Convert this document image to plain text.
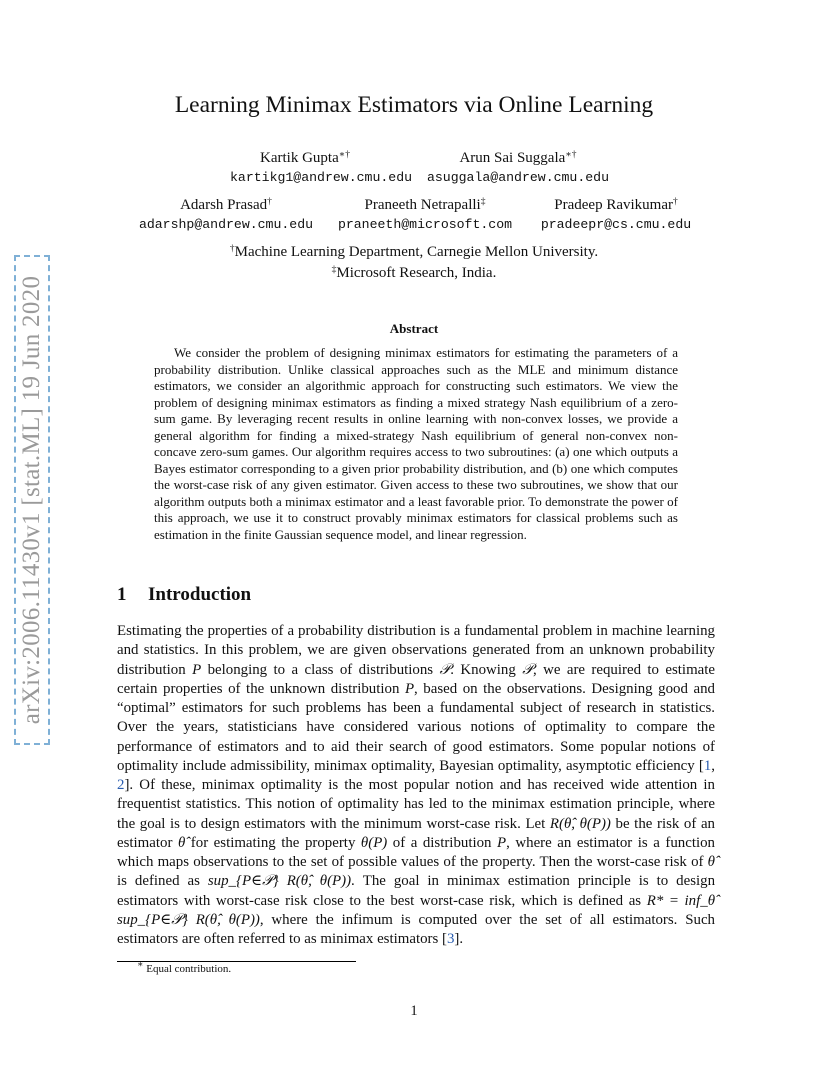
arXiv:2006.11430v1 [stat.ML] 19 Jun 2020
Learning Minimax Estimators via Online Learning
Kartik Gupta∗†
kartikg1@andrew.cmu.edu
Arun Sai Suggala∗†
asuggala@andrew.cmu.edu
Adarsh Prasad†
adarshp@andrew.cmu.edu
Praneeth Netrapalli‡
praneeth@microsoft.com
Pradeep Ravikumar†
pradeepr@cs.cmu.edu
†Machine Learning Department, Carnegie Mellon University.
‡Microsoft Research, India.
Abstract

We consider the problem of designing minimax estimators for estimating the parameters of a probability distribution. Unlike classical approaches such as the MLE and minimum distance estimators, we consider an algorithmic approach for constructing such estimators. We view the problem of designing minimax estimators as finding a mixed strategy Nash equilibrium of a zero-sum game. By leveraging recent results in online learning with non-convex losses, we provide a general algorithm for finding a mixed-strategy Nash equilibrium of general non-convex non-concave zero-sum games. Our algorithm requires access to two subroutines: (a) one which outputs a Bayes estimator corresponding to a given prior probability distribution, and (b) one which computes the worst-case risk of any given estimator. Given access to these two subroutines, we show that our algorithm outputs both a minimax estimator and a least favorable prior. To demonstrate the power of this approach, we use it to construct provably minimax estimators for classical problems such as estimation in the finite Gaussian sequence model, and linear regression.

1 Introduction

Estimating the properties of a probability distribution is a fundamental problem in machine learning and statistics. In this problem, we are given observations generated from an unknown probability distribution P belonging to a class of distributions 𝒫. Knowing 𝒫, we are required to estimate certain properties of the unknown distribution P, based on the observations. Designing good and “optimal” estimators for such problems has been a fundamental subject of research in statistics. Over the years, statisticians have considered various notions of optimality to compare the performance of estimators and to aid their search of good estimators. Some popular notions of optimality include admissibility, minimax optimality, Bayesian optimality, asymptotic efficiency [1, 2]. Of these, minimax optimality is the most popular notion and has received wide attention in frequentist statistics. This notion of optimality has led to the minimax estimation principle, where the goal is to design estimators with the minimum worst-case risk. Let R(θ̂, θ(P)) be the risk of an estimator θ̂ for estimating the property θ(P) of a distribution P, where an estimator is a function which maps observations to the set of possible values of the property. Then the worst-case risk of θ̂ is defined as sup_{P∈𝒫} R(θ̂, θ(P)). The goal in minimax estimation principle is to design estimators with worst-case risk close to the best worst-case risk, which is defined as R* = inf_θ̂ sup_{P∈𝒫} R(θ̂, θ(P)), where the infimum is computed over the set of all estimators. Such estimators are often referred to as minimax estimators [3].

∗ Equal contribution.
1
